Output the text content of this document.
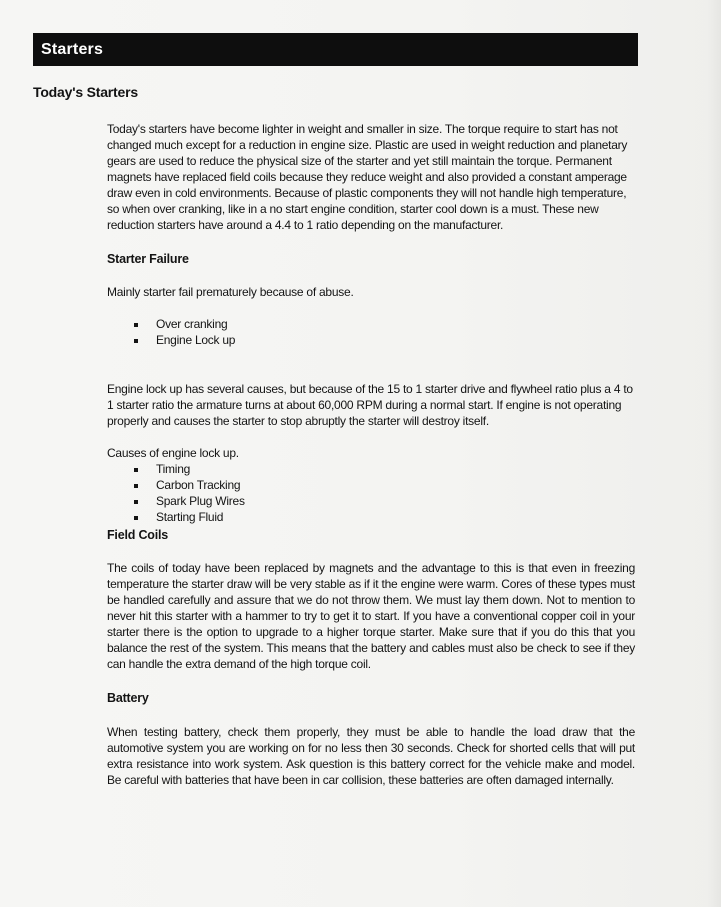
Starters
Today's Starters

Today's starters have become lighter in weight and smaller in size. The torque require to start has not changed much except for a reduction in engine size. Plastic are used in weight reduction and planetary gears are used to reduce the physical size of the starter and yet still maintain the torque. Permanent magnets have replaced field coils because they reduce weight and also provided a constant amperage draw even in cold environments. Because of plastic components they will not handle high temperature, so when over cranking, like in a no start engine condition, starter cool down is a must. These new reduction starters have around a 4.4 to 1 ratio depending on the manufacturer.

Starter Failure

Mainly starter fail prematurely because of abuse.

Over cranking
Engine Lock up

Engine lock up has several causes, but because of the 15 to 1 starter drive and flywheel ratio plus a 4 to 1 starter ratio the armature turns at about 60,000 RPM during a normal start. If engine is not operating properly and causes the starter to stop abruptly the starter will destroy itself.

Causes of engine lock up.

Timing
Carbon Tracking
Spark Plug Wires
Starting Fluid

Field Coils

The coils of today have been replaced by magnets and the advantage to this is that even in freezing temperature the starter draw will be very stable as if it the engine were warm. Cores of these types must be handled carefully and assure that we do not throw them. We must lay them down. Not to mention to never hit this starter with a hammer to try to get it to start. If you have a conventional copper coil in your starter there is the option to upgrade to a higher torque starter. Make sure that if you do this that you balance the rest of the system. This means that the battery and cables must also be check to see if they can handle the extra demand of the high torque coil.

Battery

When testing battery, check them properly, they must be able to handle the load draw that the automotive system you are working on for no less then 30 seconds. Check for shorted cells that will put extra resistance into work system. Ask question is this battery correct for the vehicle make and model. Be careful with batteries that have been in car collision, these batteries are often damaged internally.
